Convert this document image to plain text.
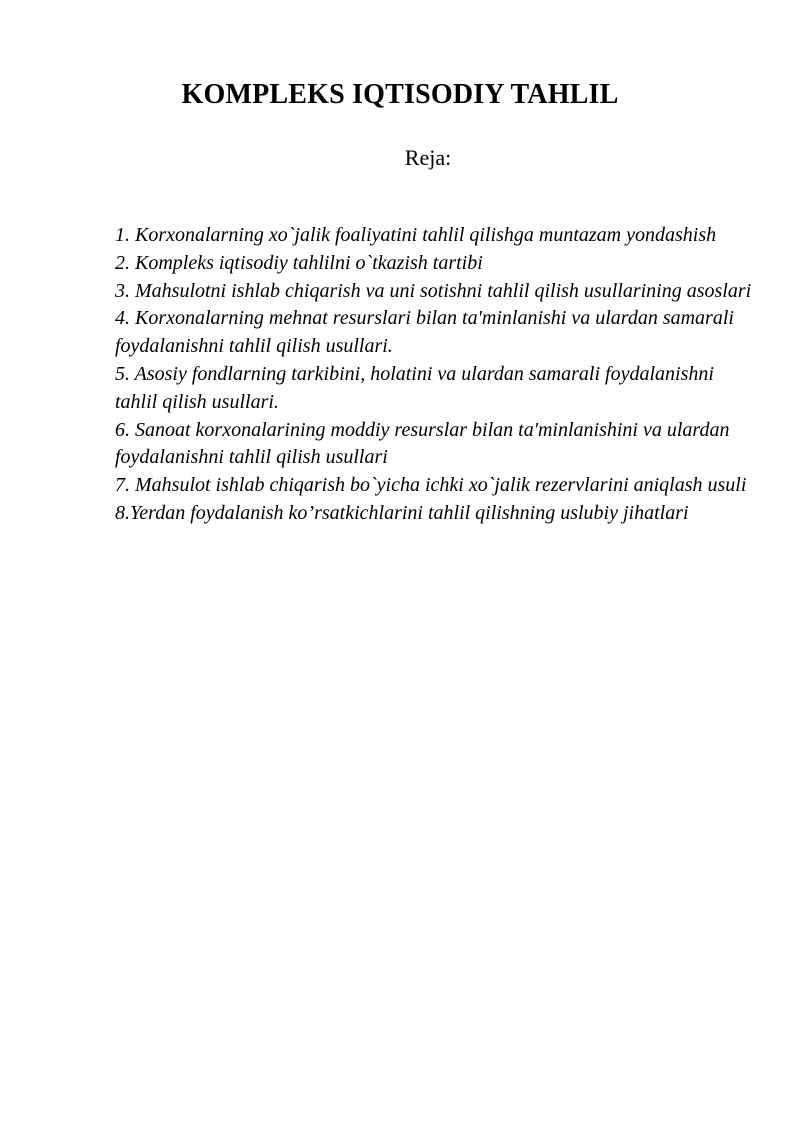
KOMPLEKS IQTISODIY TAHLIL
Reja:
1. Korxonalarning xo`jalik foaliyatini tahlil qilishga muntazam yondashish
2. Kompleks iqtisodiy tahlilni o`tkazish tartibi
3. Mahsulotni ishlab chiqarish va uni sotishni tahlil qilish usullarining asoslari
4. Korxonalarning mehnat resurslari bilan ta'minlanishi va ulardan samarali foydalanishni tahlil qilish usullari.
5. Asosiy fondlarning tarkibini, holatini va ulardan samarali foydalanishni tahlil qilish usullari.
6. Sanoat korxonalarining moddiy resurslar bilan ta'minlanishini va ulardan foydalanishni tahlil qilish usullari
7. Mahsulot ishlab chiqarish bo`yicha ichki xo`jalik rezervlarini aniqlash usuli
8.Yerdan foydalanish ko’rsatkichlarini tahlil qilishning uslubiy jihatlari
